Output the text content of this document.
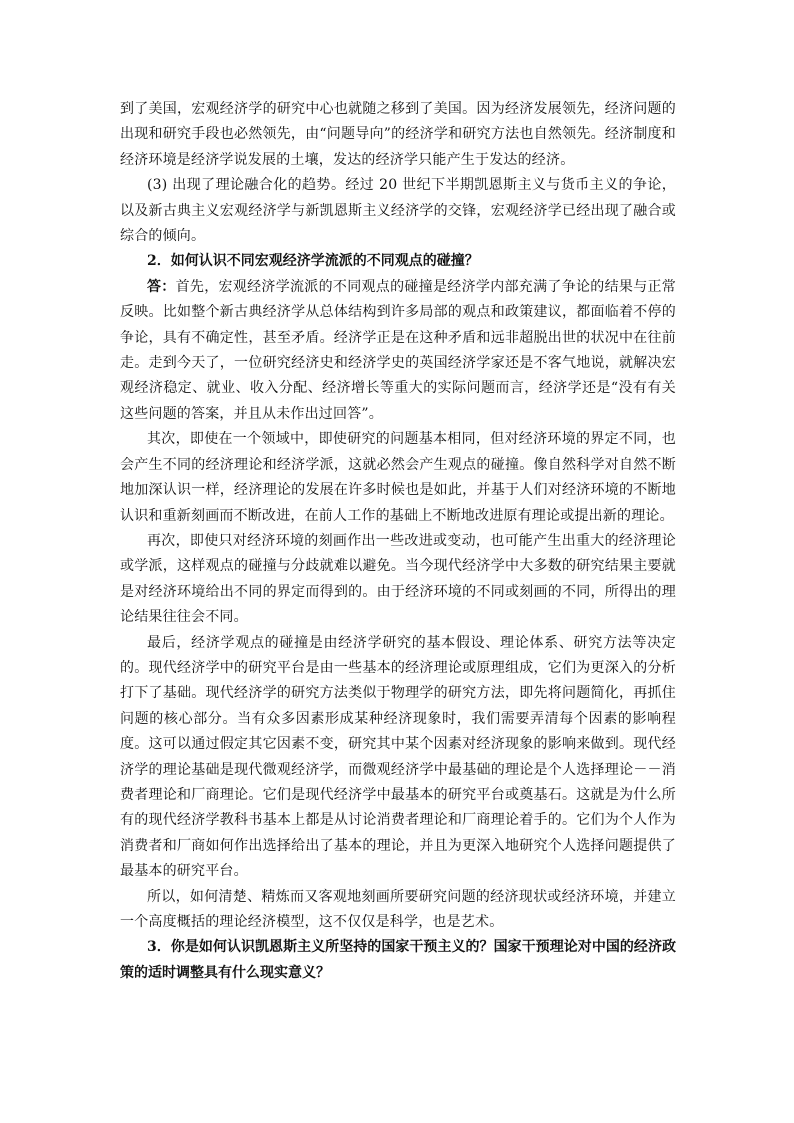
到了美国，宏观经济学的研究中心也就随之移到了美国。因为经济发展领先，经济问题的出现和研究手段也必然领先，由“问题导向”的经济学和研究方法也自然领先。经济制度和经济环境是经济学说发展的土壤，发达的经济学只能产生于发达的经济。

(3) 出现了理论融合化的趋势。经过 20 世纪下半期凯恩斯主义与货币主义的争论，以及新古典主义宏观经济学与新凯恩斯主义经济学的交锋，宏观经济学已经出现了融合或综合的倾向。

2．如何认识不同宏观经济学流派的不同观点的碰撞？

答：首先，宏观经济学流派的不同观点的碰撞是经济学内部充满了争论的结果与正常反映。比如整个新古典经济学从总体结构到许多局部的观点和政策建议，都面临着不停的争论，具有不确定性，甚至矛盾。经济学正是在这种矛盾和远非超脱出世的状况中在往前走。走到今天了，一位研究经济史和经济学史的英国经济学家还是不客气地说，就解决宏观经济稳定、就业、收入分配、经济增长等重大的实际问题而言，经济学还是“没有有关这些问题的答案，并且从未作出过回答”。

其次，即使在一个领域中，即使研究的问题基本相同，但对经济环境的界定不同，也会产生不同的经济理论和经济学派，这就必然会产生观点的碰撞。像自然科学对自然不断地加深认识一样，经济理论的发展在许多时候也是如此，并基于人们对经济环境的不断地认识和重新刻画而不断改进，在前人工作的基础上不断地改进原有理论或提出新的理论。

再次，即使只对经济环境的刻画作出一些改进或变动，也可能产生出重大的经济理论或学派，这样观点的碰撞与分歧就难以避免。当今现代经济学中大多数的研究结果主要就是对经济环境给出不同的界定而得到的。由于经济环境的不同或刻画的不同，所得出的理论结果往往会不同。

最后，经济学观点的碰撞是由经济学研究的基本假设、理论体系、研究方法等决定的。现代经济学中的研究平台是由一些基本的经济理论或原理组成，它们为更深入的分析打下了基础。现代经济学的研究方法类似于物理学的研究方法，即先将问题简化，再抓住问题的核心部分。当有众多因素形成某种经济现象时，我们需要弄清每个因素的影响程度。这可以通过假定其它因素不变，研究其中某个因素对经济现象的影响来做到。现代经济学的理论基础是现代微观经济学，而微观经济学中最基础的理论是个人选择理论－－消费者理论和厂商理论。它们是现代经济学中最基本的研究平台或奠基石。这就是为什么所有的现代经济学教科书基本上都是从讨论消费者理论和厂商理论着手的。它们为个人作为消费者和厂商如何作出选择给出了基本的理论，并且为更深入地研究个人选择问题提供了最基本的研究平台。

所以，如何清楚、精炼而又客观地刻画所要研究问题的经济现状或经济环境，并建立一个高度概括的理论经济模型，这不仅仅是科学，也是艺术。

3．你是如何认识凯恩斯主义所坚持的国家干预主义的？国家干预理论对中国的经济政策的适时调整具有什么现实意义？
